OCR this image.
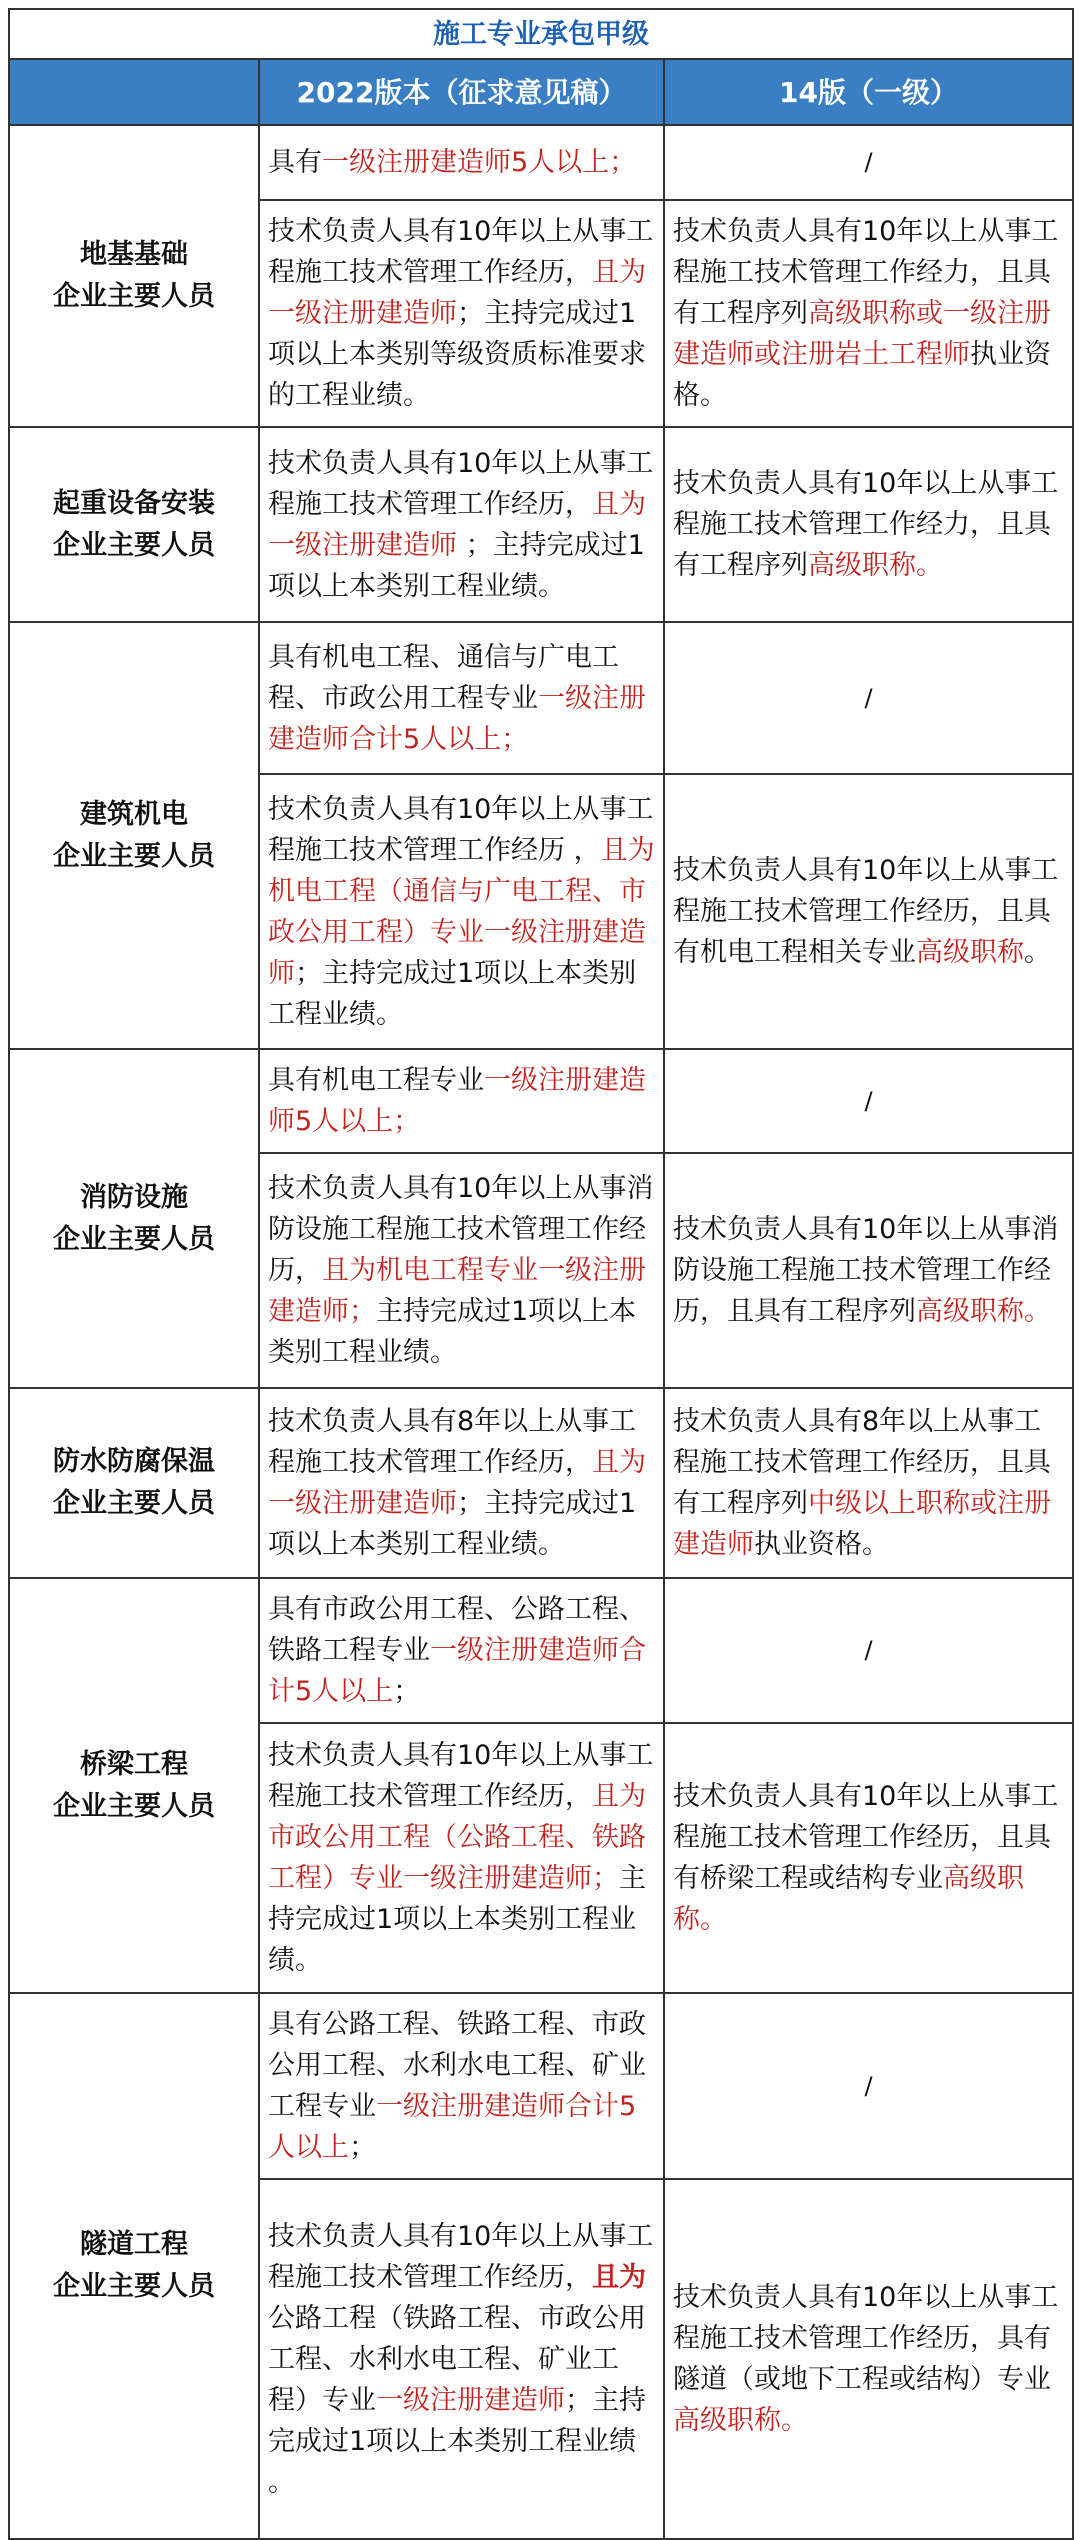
施工专业承包甲级		
	2022版本（征求意见稿）	14版（一级）

地基基础
企业主要人员	具有一级注册建造师5人以上；	/
	技术负责人具有10年以上从事工程施工技术管理工作经历，且为一级注册建造师；主持完成过1项以上本类别等级资质标准要求的工程业绩。	技术负责人具有10年以上从事工程施工技术管理工作经力，且具有工程序列高级职称或一级注册建造师或注册岩土工程师执业资格。

起重设备安装
企业主要人员	技术负责人具有10年以上从事工程施工技术管理工作经历，且为一级注册建造师 ；主持完成过1项以上本类别工程业绩。	技术负责人具有10年以上从事工程施工技术管理工作经力，且具有工程序列高级职称。

建筑机电
企业主要人员	具有机电工程、通信与广电工程、市政公用工程专业一级注册建造师合计5人以上；	/
	技术负责人具有10年以上从事工程施工技术管理工作经历 ，且为机电工程（通信与广电工程、市政公用工程）专业一级注册建造师；主持完成过1项以上本类别工程业绩。	技术负责人具有10年以上从事工程施工技术管理工作经历，且具有机电工程相关专业高级职称。

消防设施
企业主要人员	具有机电工程专业一级注册建造师5人以上；	/
	技术负责人具有10年以上从事消防设施工程施工技术管理工作经历，且为机电工程专业一级注册建造师；主持完成过1项以上本类别工程业绩。	技术负责人具有10年以上从事消防设施工程施工技术管理工作经历，且具有工程序列高级职称。

防水防腐保温
企业主要人员	技术负责人具有8年以上从事工程施工技术管理工作经历，且为一级注册建造师；主持完成过1项以上本类别工程业绩。	技术负责人具有8年以上从事工程施工技术管理工作经历，且具有工程序列中级以上职称或注册建造师执业资格。

桥梁工程
企业主要人员	具有市政公用工程、公路工程、铁路工程专业一级注册建造师合计5人以上；	/
	技术负责人具有10年以上从事工程施工技术管理工作经历，且为市政公用工程（公路工程、铁路工程）专业一级注册建造师；主持完成过1项以上本类别工程业绩。	技术负责人具有10年以上从事工程施工技术管理工作经历，且具有桥梁工程或结构专业高级职称。

隧道工程
企业主要人员	具有公路工程、铁路工程、市政公用工程、水利水电工程、矿业工程专业一级注册建造师合计5人以上；	/
	技术负责人具有10年以上从事工程施工技术管理工作经历，且为公路工程（铁路工程、市政公用工程、水利水电工程、矿业工程）专业一级注册建造师；主持完成过1项以上本类别工程业绩 。	技术负责人具有10年以上从事工程施工技术管理工作经历，具有隧道（或地下工程或结构）专业高级职称。
